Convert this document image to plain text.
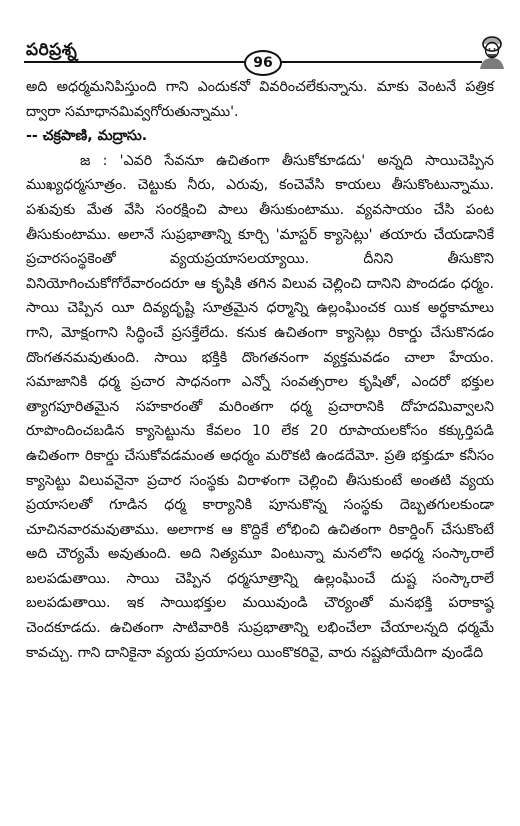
పరిప్రశ్న
96

అది అధర్మమనిపిస్తుంది గాని ఎందుకనో వివరించలేకున్నాను. మాకు వెంటనే పత్రిక ద్వారా సమాధానమివ్వగోరుతున్నాము'.

-- చక్రపాణి, మద్రాసు.

జ : 'ఎవరి సేవనూ ఉచితంగా తీసుకోకూడదు' అన్నది సాయిచెప్పిన ముఖ్యధర్మసూత్రం. చెట్టుకు నీరు, ఎరువు, కంచెవేసి కాయలు తీసుకొంటున్నాము. పశువుకు మేత వేసి సంరక్షించి పాలు తీసుకుంటాము. వ్యవసాయం చేసి పంట తీసుకుంటాము. అలానే సుప్రభాతాన్ని కూర్చి 'మాస్టర్ క్యాసెట్లు' తయారు చేయడానికే ప్రచారసంస్థకెంతో వ్యయప్రయాసలయ్యాయి. దీనిని తీసుకొని వినియోగించుకోగోరేవారందరూ ఆ కృషికి తగిన విలువ చెల్లించి దానిని పొందడం ధర్మం. సాయి చెప్పిన యీ దివ్యదృష్టి సూత్రమైన ధర్మాన్ని ఉల్లంఘించక యిక అర్థకామాలు గాని, మోక్షంగాని సిద్ధించే ప్రసక్తేలేదు. కనుక ఉచితంగా క్యాసెట్లు రికార్డు చేసుకొనడం దొంగతనమవుతుంది. సాయి భక్తికి దొంగతనంగా వ్యక్తమవడం చాలా హేయం. సమాజానికి ధర్మ ప్రచార సాధనంగా ఎన్నో సంవత్సరాల కృషితో, ఎందరో భక్తుల త్యాగపూరితమైన సహకారంతో మరింతగా ధర్మ ప్రచారానికి దోహదమివ్వాలని రూపొందించబడిన క్యాసెట్టును కేవలం 10 లేక 20 రూపాయలకోసం కక్కుర్తిపడి ఉచితంగా రికార్డు చేసుకోవడమంత అధర్మం మరొకటి ఉండదేమో. ప్రతి భక్తుడూ కనీసం క్యాసెట్టు విలువనైనా ప్రచార సంస్థకు విరాళంగా చెల్లించి తీసుకుంటే అంతటి వ్యయ ప్రయాసలతో గూడిన ధర్మ కార్యానికి పూనుకొన్న సంస్థకు దెబ్బతగులకుండా చూచినవారమవుతాము. అలాగాక ఆ కొద్దికే లోభించి ఉచితంగా రికార్డింగ్ చేసుకొంటే అది చౌర్యమే అవుతుంది. అది నిత్యమూ వింటున్నా మనలోని అధర్మ సంస్కారాలే బలపడుతాయి. సాయి చెప్పిన ధర్మసూత్రాన్ని ఉల్లంఘించే దుష్ట సంస్కారాలే బలపడుతాయి. ఇక సాయిభక్తుల మయివుండి చౌర్యంతో మనభక్తి పరాకాష్ఠ చెందకూడదు. ఉచితంగా సాటివారికి సుప్రభాతాన్ని లభించేలా చేయాలన్నది ధర్మమే కావచ్చు. గాని దానికైనా వ్యయ ప్రయాసలు యింకొకరివై, వారు నష్టపోయేదిగా వుండేది
